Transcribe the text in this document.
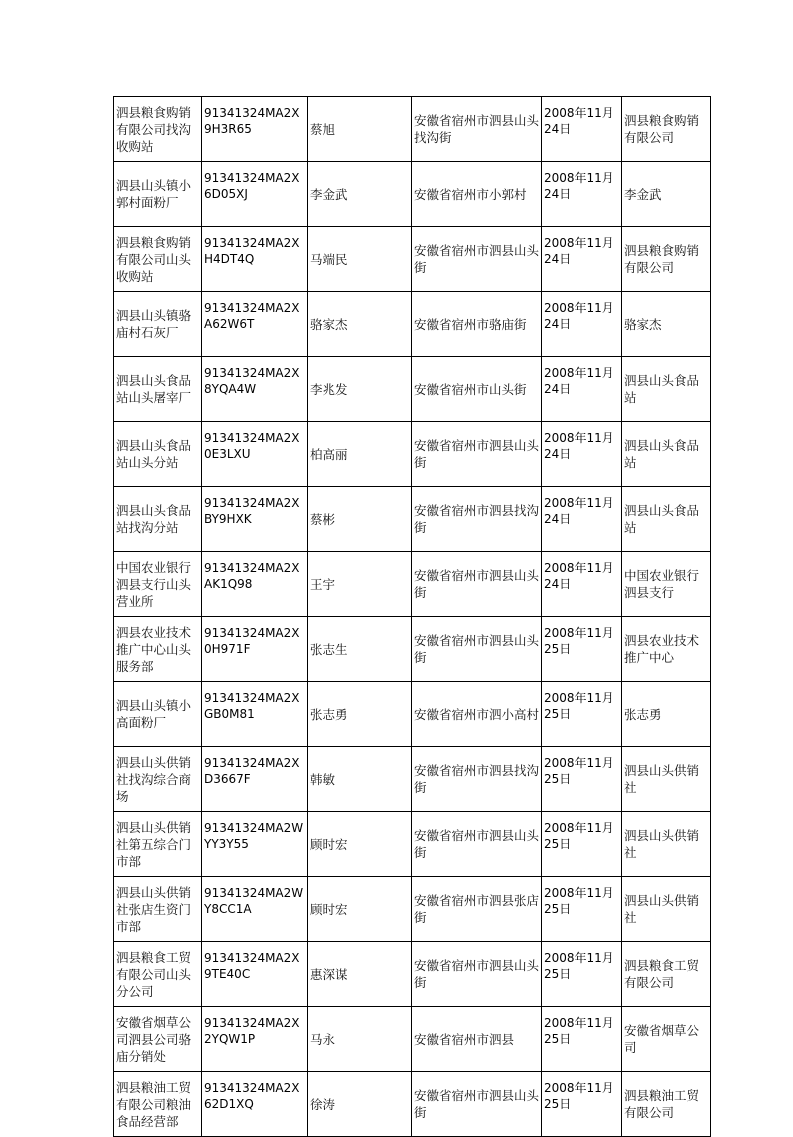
泗县粮食购销有限公司找沟收购站	91341324MA2X9H3R65	蔡旭	安徽省宿州市泗县山头找沟街	2008年11月24日	泗县粮食购销有限公司
泗县山头镇小郭村面粉厂	91341324MA2X6D05XJ	李金武	安徽省宿州市小郭村	2008年11月24日	李金武
泗县粮食购销有限公司山头收购站	91341324MA2XH4DT4Q	马端民	安徽省宿州市泗县山头街	2008年11月24日	泗县粮食购销有限公司
泗县山头镇骆庙村石灰厂	91341324MA2XA62W6T	骆家杰	安徽省宿州市骆庙街	2008年11月24日	骆家杰
泗县山头食品站山头屠宰厂	91341324MA2X8YQA4W	李兆发	安徽省宿州市山头街	2008年11月24日	泗县山头食品站
泗县山头食品站山头分站	91341324MA2X0E3LXU	柏高丽	安徽省宿州市泗县山头街	2008年11月24日	泗县山头食品站
泗县山头食品站找沟分站	91341324MA2XBY9HXK	蔡彬	安徽省宿州市泗县找沟街	2008年11月24日	泗县山头食品站
中国农业银行泗县支行山头营业所	91341324MA2XAK1Q98	王宇	安徽省宿州市泗县山头街	2008年11月24日	中国农业银行泗县支行
泗县农业技术推广中心山头服务部	91341324MA2X0H971F	张志生	安徽省宿州市泗县山头街	2008年11月25日	泗县农业技术推广中心
泗县山头镇小高面粉厂	91341324MA2XGB0M81	张志勇	安徽省宿州市泗小高村	2008年11月25日	张志勇
泗县山头供销社找沟综合商场	91341324MA2XD3667F	韩敏	安徽省宿州市泗县找沟街	2008年11月25日	泗县山头供销社
泗县山头供销社第五综合门市部	91341324MA2WYY3Y55	顾时宏	安徽省宿州市泗县山头街	2008年11月25日	泗县山头供销社
泗县山头供销社张店生资门市部	91341324MA2WY8CC1A	顾时宏	安徽省宿州市泗县张店街	2008年11月25日	泗县山头供销社
泗县粮食工贸有限公司山头分公司	91341324MA2X9TE40C	惠深谋	安徽省宿州市泗县山头街	2008年11月25日	泗县粮食工贸有限公司
安徽省烟草公司泗县公司骆庙分销处	91341324MA2X2YQW1P	马永	安徽省宿州市泗县	2008年11月25日	安徽省烟草公司
泗县粮油工贸有限公司粮油食品经营部	91341324MA2X62D1XQ	徐涛	安徽省宿州市泗县山头街	2008年11月25日	泗县粮油工贸有限公司
